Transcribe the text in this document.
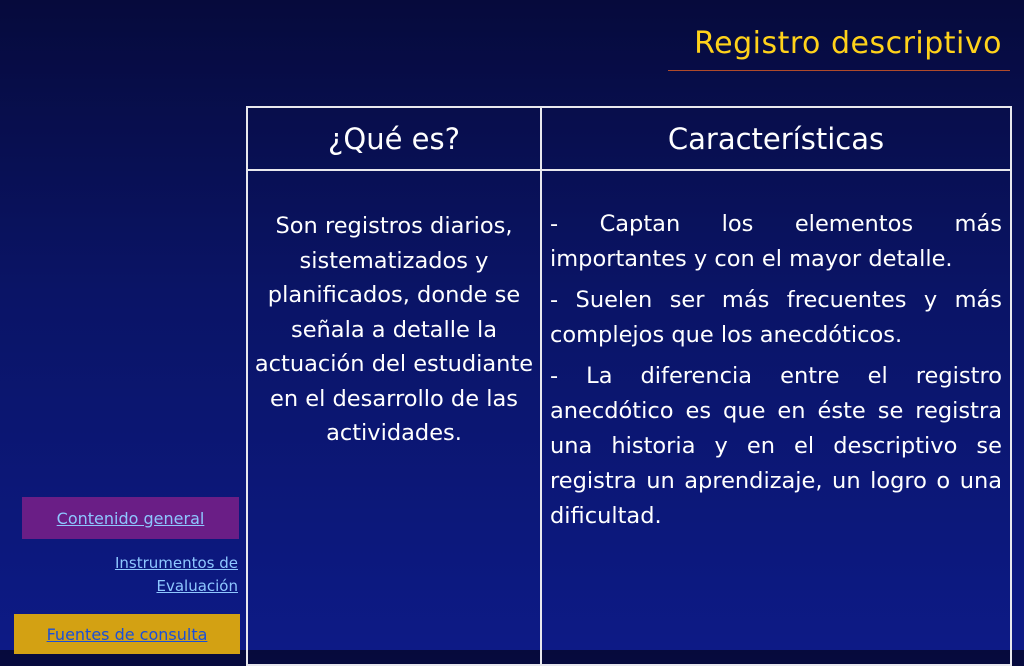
Registro descriptivo
¿Qué es?	Características
Son registros diarios, sistematizados y planificados, donde se señala a detalle la actuación del estudiante en el desarrollo de las actividades.	- Captan los elementos más importantes y con el mayor detalle.

- Suelen ser más frecuentes y más complejos que los anecdóticos.

- La diferencia entre el registro anecdótico es que en éste se registra una historia y en el descriptivo se registra un aprendizaje, un logro o una dificultad.

Contenido general
Instrumentos de Evaluación
Fuentes de consulta
